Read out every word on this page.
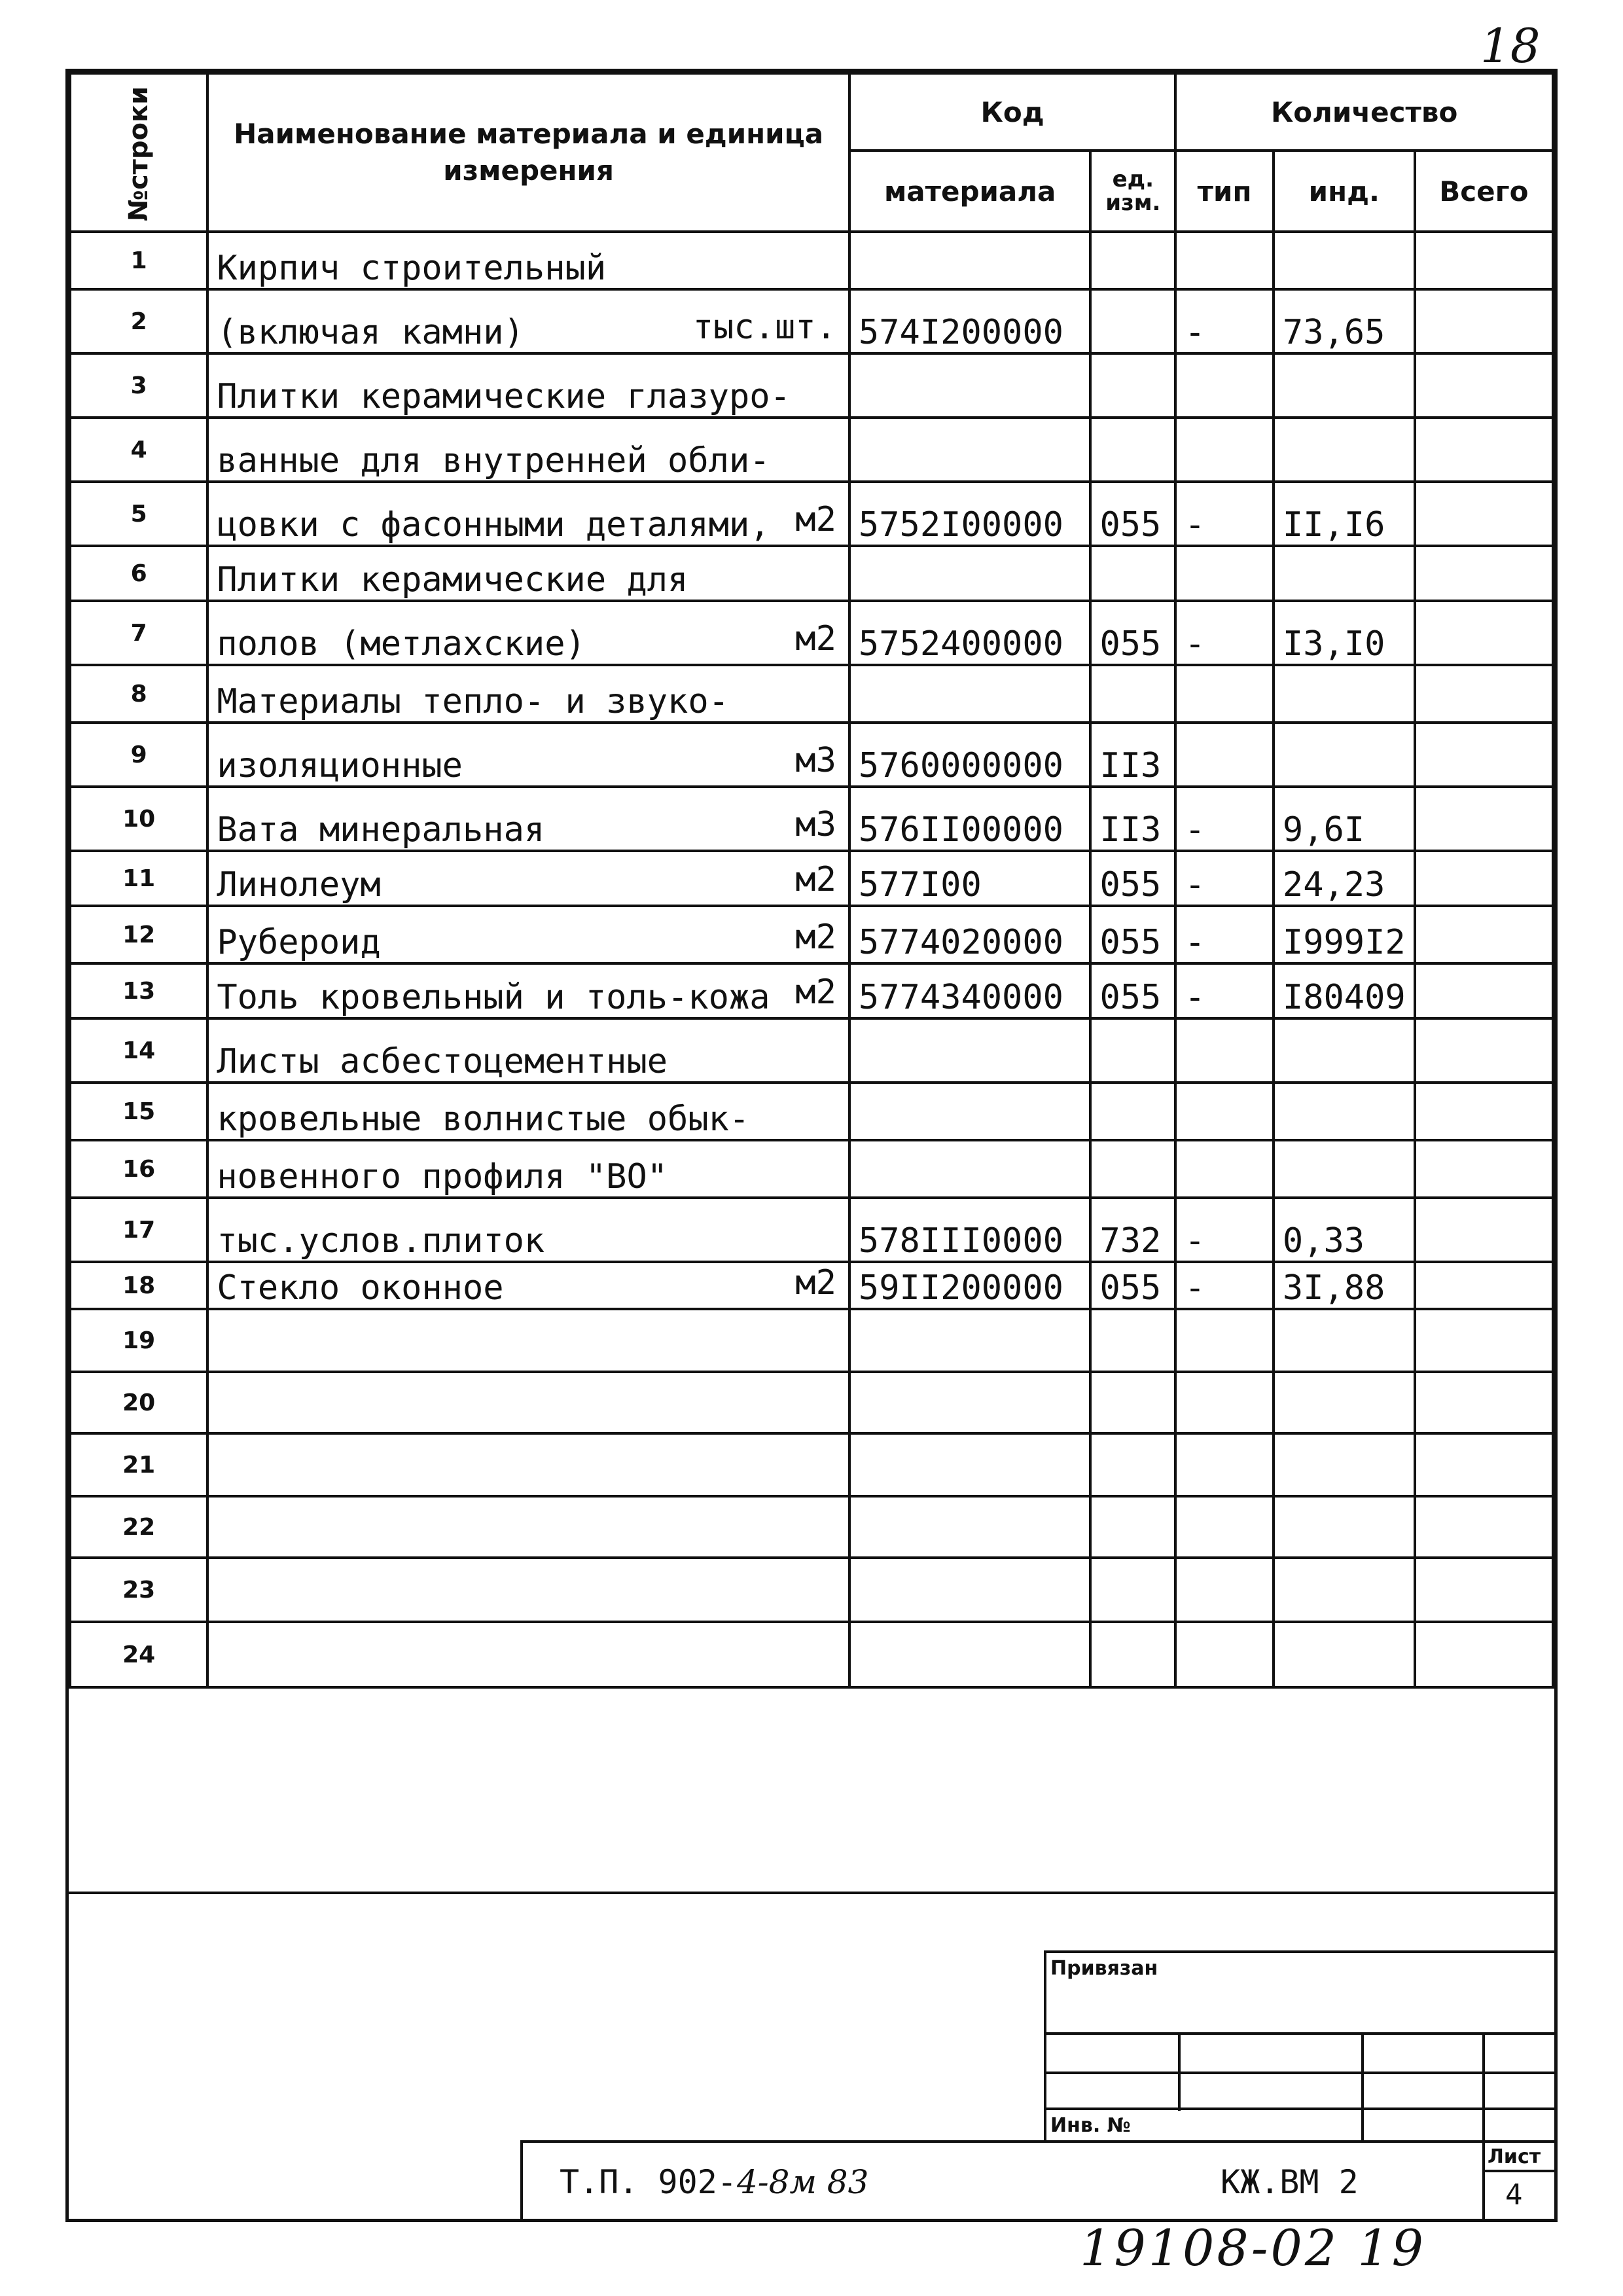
18
№строки	Наименование материала и единица измерения	Код		Количество		
		материала	ед. изм.	тип	инд.	Всего
1	Кирпич строительный

2	(включая камни) тыс.шт.	574I200000		-	73,65	
3	Плитки керамические глазуро-

4	ванные для внутренней обли-

5	цовки с фасонными деталями, м2	5752I00000	055	-	II,I6	
6	Плитки керамические для

7	полов (метлахские) м2	5752400000	055	-	I3,I0	
8	Материалы тепло- и звуко-

9	изоляционные м3	5760000000	II3			
10	Вата минеральная м3	576II00000	II3	-	9,6I	
11	Линолеум м2	577I00	055	-	24,23	
12	Рубероид м2	5774020000	055	-	I999I2	
13	Толь кровельный и толь-кожа м2	5774340000	055	-	I80409	
14	Листы асбестоцементные

15	кровельные волнистые обык-

16	новенного профиля "ВО"

17	тыс.услов.плиток	578III0000	732	-	0,33	
18	Стекло оконное м2	59II200000	055	-	3I,88	
19	

20	

21	

22	

23	

24	

Привязан
Инв. №
Лист
4
Т.П. 902-4-8м 83	КЖ.ВМ 2
19108-02 19
